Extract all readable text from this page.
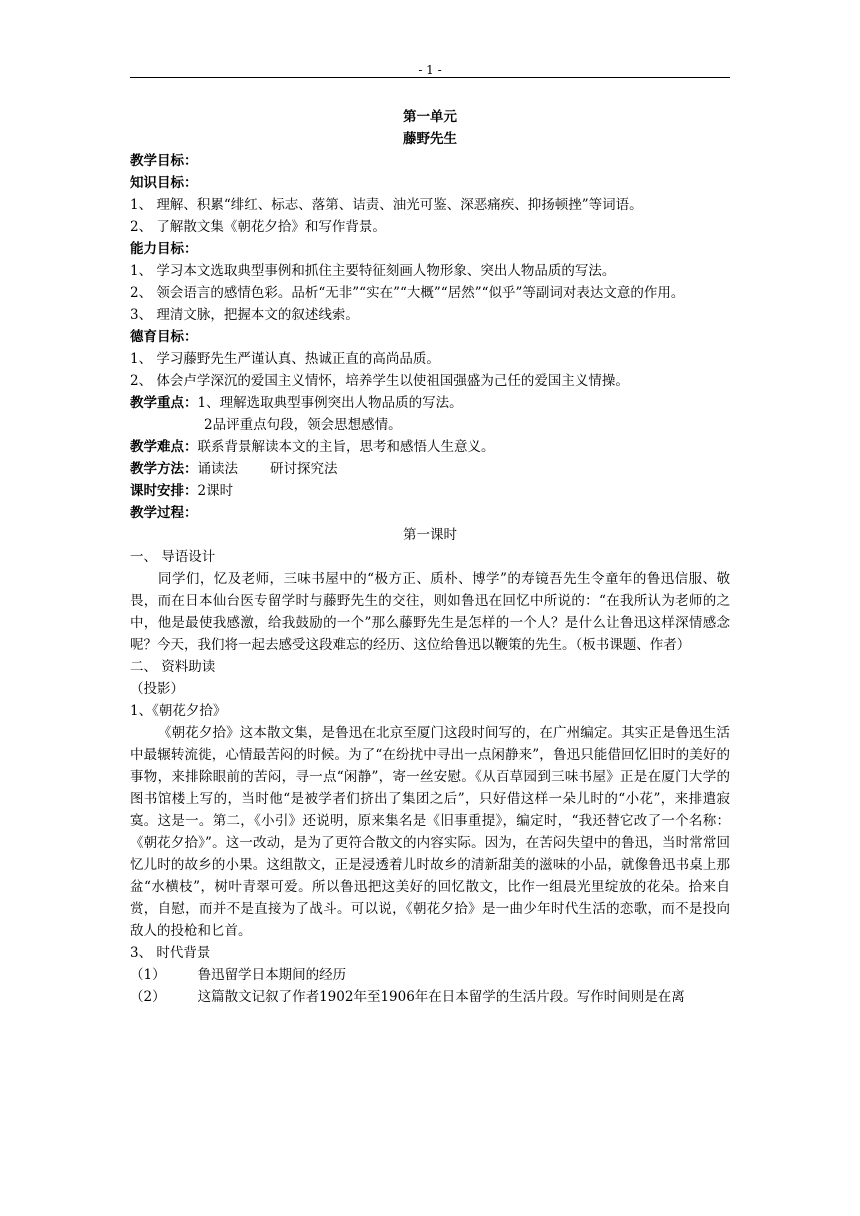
- 1 -

第一单元

藤野先生

教学目标：

知识目标：

1、 理解、积累“绯红、标志、落第、诘责、油光可鉴、深恶痛疾、抑扬顿挫”等词语。

2、 了解散文集《朝花夕拾》和写作背景。

能力目标：

1、 学习本文选取典型事例和抓住主要特征刻画人物形象、突出人物品质的写法。

2、 领会语言的感情色彩。品析“无非”“实在”“大概”“居然”“似乎”等副词对表达文意的作用。

3、 理清文脉，把握本文的叙述线索。

德育目标：

1、 学习藤野先生严谨认真、热诚正直的高尚品质。

2、 体会卢学深沉的爱国主义情怀，培养学生以使祖国强盛为己任的爱国主义情操。

教学重点：1、理解选取典型事例突出人物品质的写法。

2品评重点句段，领会思想感情。

教学难点：联系背景解读本文的主旨，思考和感悟人生意义。

教学方法：诵读法 研讨探究法

课时安排：2课时

教学过程：

第一课时

一、 导语设计

同学们，忆及老师，三味书屋中的“极方正、质朴、博学”的寿镜吾先生令童年的鲁迅信服、敬畏，而在日本仙台医专留学时与藤野先生的交往，则如鲁迅在回忆中所说的：“在我所认为老师的之中，他是最使我感激，给我鼓励的一个”那么藤野先生是怎样的一个人？是什么让鲁迅这样深情感念呢？今天，我们将一起去感受这段难忘的经历、这位给鲁迅以鞭策的先生。（板书课题、作者）

二、 资料助读

（投影）

1、《朝花夕拾》

《朝花夕拾》这本散文集，是鲁迅在北京至厦门这段时间写的，在广州编定。其实正是鲁迅生活中最辗转流徙，心情最苦闷的时候。为了“在纷扰中寻出一点闲静来”，鲁迅只能借回忆旧时的美好的事物，来排除眼前的苦闷，寻一点“闲静”，寄一丝安慰。《从百草园到三味书屋》正是在厦门大学的图书馆楼上写的，当时他“是被学者们挤出了集团之后”，只好借这样一朵儿时的“小花”，来排遣寂寞。这是一。第二，《小引》还说明，原来集名是《旧事重提》，编定时，“我还替它改了一个名称：《朝花夕拾》”。这一改动，是为了更符合散文的内容实际。因为，在苦闷失望中的鲁迅，当时常常回忆儿时的故乡的小果。这组散文，正是浸透着儿时故乡的清新甜美的滋味的小品，就像鲁迅书桌上那盆“水横枝”，树叶青翠可爱。所以鲁迅把这美好的回忆散文，比作一组晨光里绽放的花朵。拾来自赏，自慰，而并不是直接为了战斗。可以说，《朝花夕拾》是一曲少年时代生活的恋歌，而不是投向敌人的投枪和匕首。

3、 时代背景

（1） 鲁迅留学日本期间的经历

（2） 这篇散文记叙了作者1902年至1906年在日本留学的生活片段。写作时间则是在离
